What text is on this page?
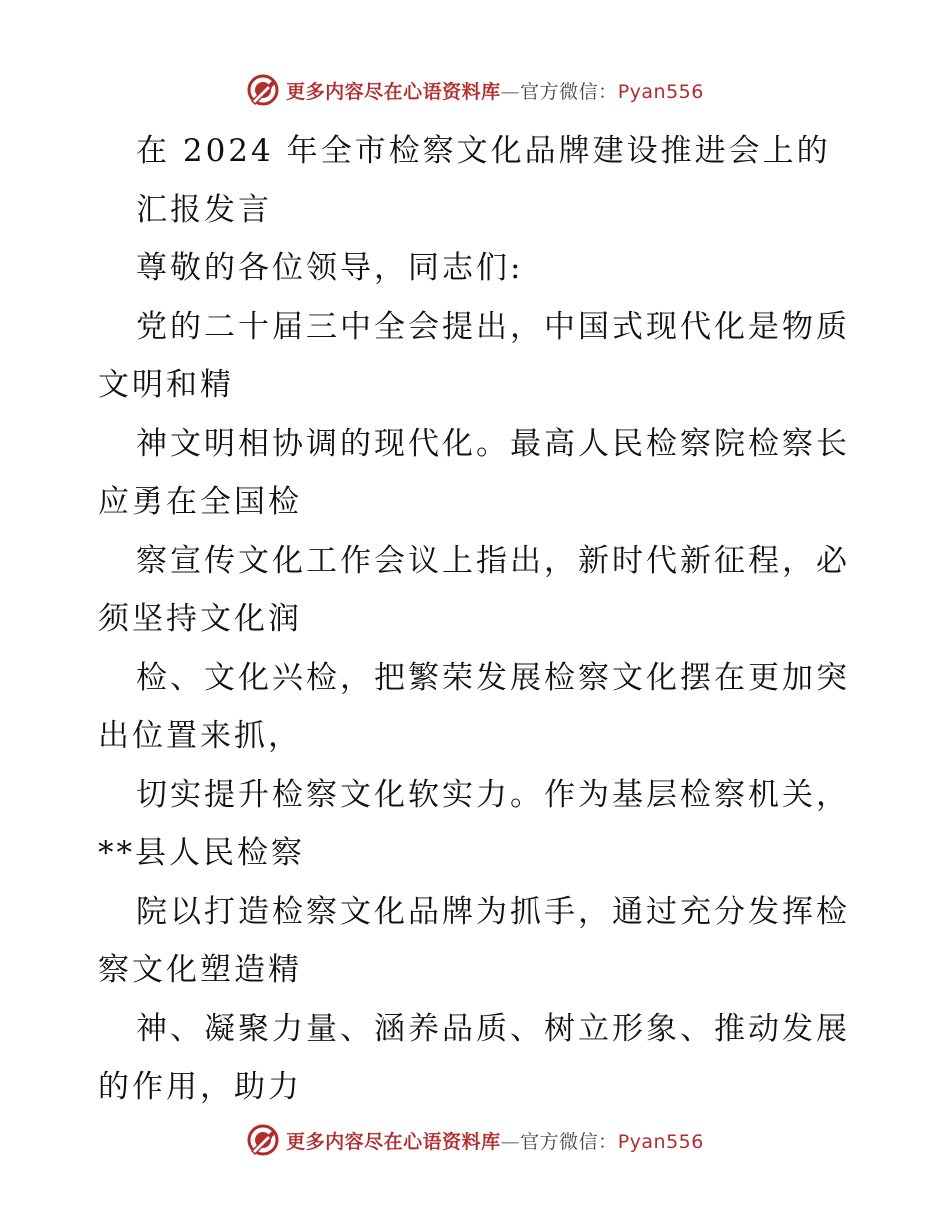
更多内容尽在心语资料库—官方微信：Pyan556
在 2024 年全市检察文化品牌建设推进会上的
汇报发言
尊敬的各位领导，同志们:
党的二十届三中全会提出，中国式现代化是物质
文明和精
神文明相协调的现代化。最高人民检察院检察长
应勇在全国检
察宣传文化工作会议上指出，新时代新征程，必
须坚持文化润
检、文化兴检，把繁荣发展检察文化摆在更加突
出位置来抓，
切实提升检察文化软实力。作为基层检察机关，
**县人民检察
院以打造检察文化品牌为抓手，通过充分发挥检
察文化塑造精
神、凝聚力量、涵养品质、树立形象、推动发展
的作用，助力
更多内容尽在心语资料库—官方微信：Pyan556
